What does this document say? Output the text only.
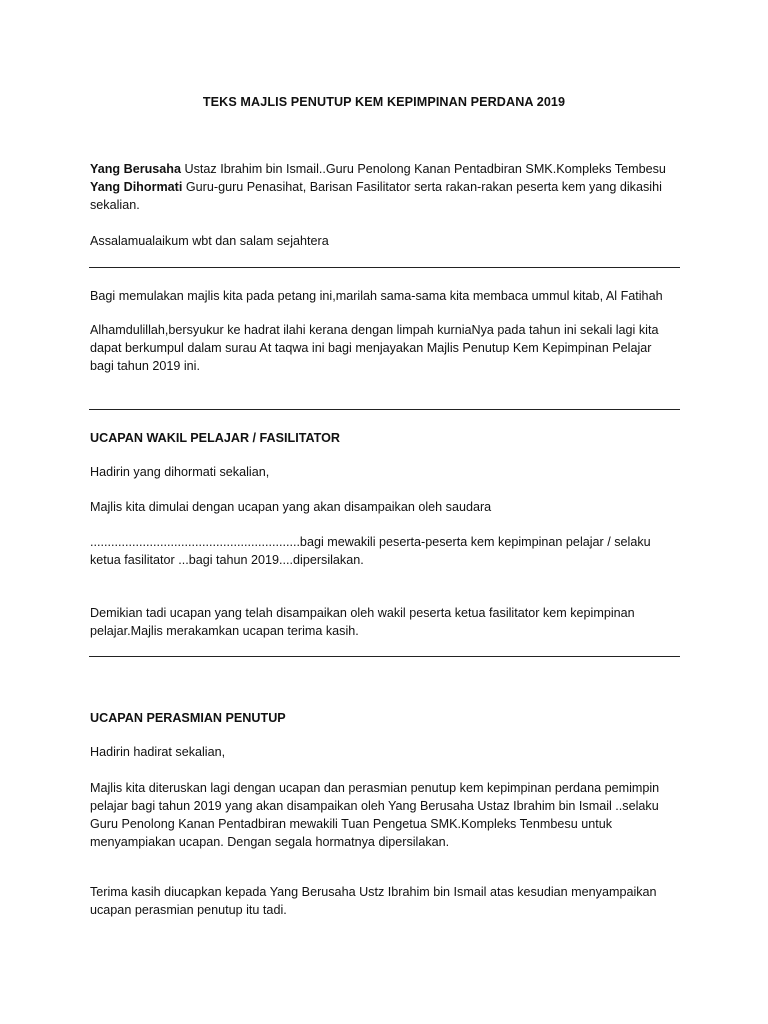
TEKS MAJLIS PENUTUP KEM KEPIMPINAN PERDANA 2019
Yang Berusaha Ustaz Ibrahim bin Ismail..Guru Penolong Kanan Pentadbiran SMK.Kompleks Tembesu
Yang Dihormati Guru-guru Penasihat, Barisan Fasilitator serta rakan-rakan peserta kem yang dikasihi
sekalian.
Assalamualaikum wbt dan salam sejahtera
Bagi memulakan majlis kita pada petang ini,marilah sama-sama kita membaca ummul kitab, Al Fatihah
Alhamdulillah,bersyukur ke hadrat ilahi kerana dengan limpah kurniaNya pada tahun ini sekali lagi kita
dapat berkumpul dalam surau At taqwa ini bagi menjayakan Majlis Penutup Kem Kepimpinan Pelajar
bagi tahun 2019 ini.
UCAPAN WAKIL PELAJAR / FASILITATOR
Hadirin yang dihormati sekalian,
Majlis kita dimulai dengan ucapan yang akan disampaikan oleh saudara
............................................................bagi mewakili peserta-peserta kem kepimpinan pelajar / selaku
ketua fasilitator ...bagi tahun 2019....dipersilakan.
Demikian tadi ucapan yang telah disampaikan oleh wakil peserta ketua fasilitator kem kepimpinan
pelajar.Majlis merakamkan ucapan terima kasih.
UCAPAN PERASMIAN PENUTUP
Hadirin hadirat sekalian,
Majlis kita diteruskan lagi dengan ucapan dan perasmian penutup kem kepimpinan perdana pemimpin
pelajar bagi tahun 2019 yang akan disampaikan oleh Yang Berusaha Ustaz Ibrahim bin Ismail ..selaku
Guru Penolong Kanan Pentadbiran mewakili Tuan Pengetua SMK.Kompleks Tenmbesu untuk
menyampiakan ucapan. Dengan segala hormatnya dipersilakan.
Terima kasih diucapkan kepada Yang Berusaha Ustz Ibrahim bin Ismail atas kesudian menyampaikan
ucapan perasmian penutup itu tadi.
